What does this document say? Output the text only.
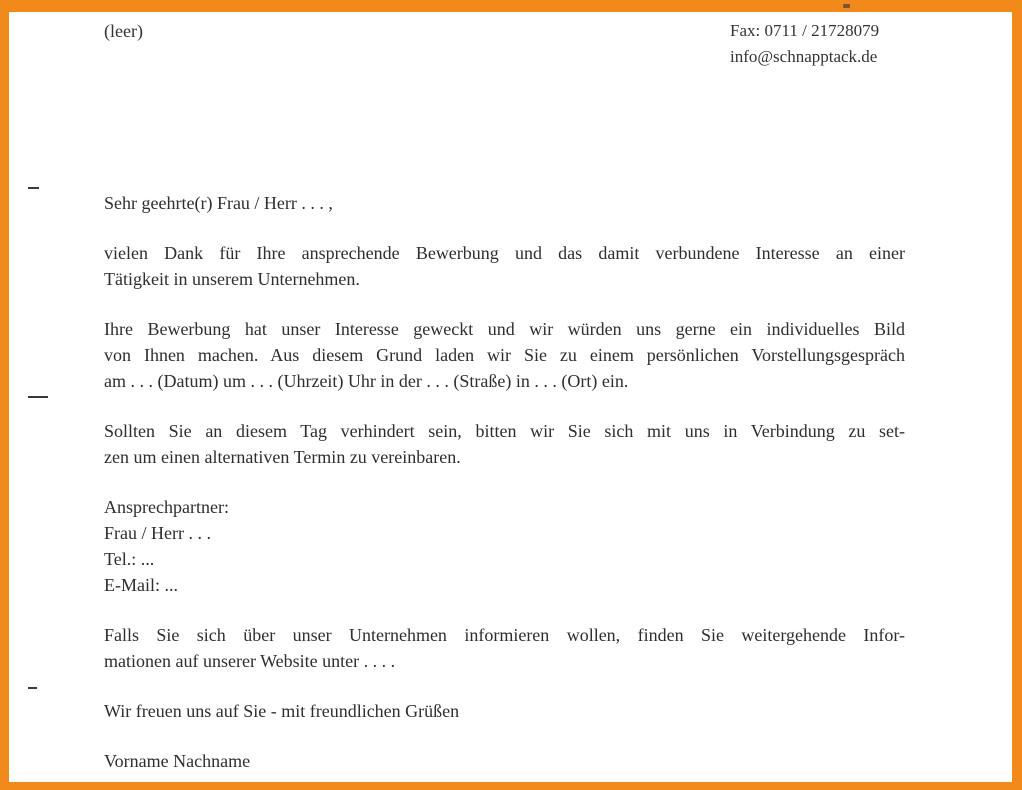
(leer)	Fax: 0711 / 21728079
info@schnapptack.de
Sehr geehrte(r) Frau / Herr . . . ,
vielen Dank für Ihre ansprechende Bewerbung und das damit verbundene Interesse an einer
Tätigkeit in unserem Unternehmen.
Ihre Bewerbung hat unser Interesse geweckt und wir würden uns gerne ein individuelles Bild
von Ihnen machen. Aus diesem Grund laden wir Sie zu einem persönlichen Vorstellungsgespräch
am . . . (Datum) um . . . (Uhrzeit) Uhr in der . . . (Straße) in . . . (Ort) ein.
Sollten Sie an diesem Tag verhindert sein, bitten wir Sie sich mit uns in Verbindung zu set-
zen um einen alternativen Termin zu vereinbaren.
Ansprechpartner:
Frau / Herr . . .
Tel.: ...
E-Mail: ...
Falls Sie sich über unser Unternehmen informieren wollen, finden Sie weitergehende Infor-
mationen auf unserer Website unter . . . .
Wir freuen uns auf Sie - mit freundlichen Grüßen
Vorname Nachname
